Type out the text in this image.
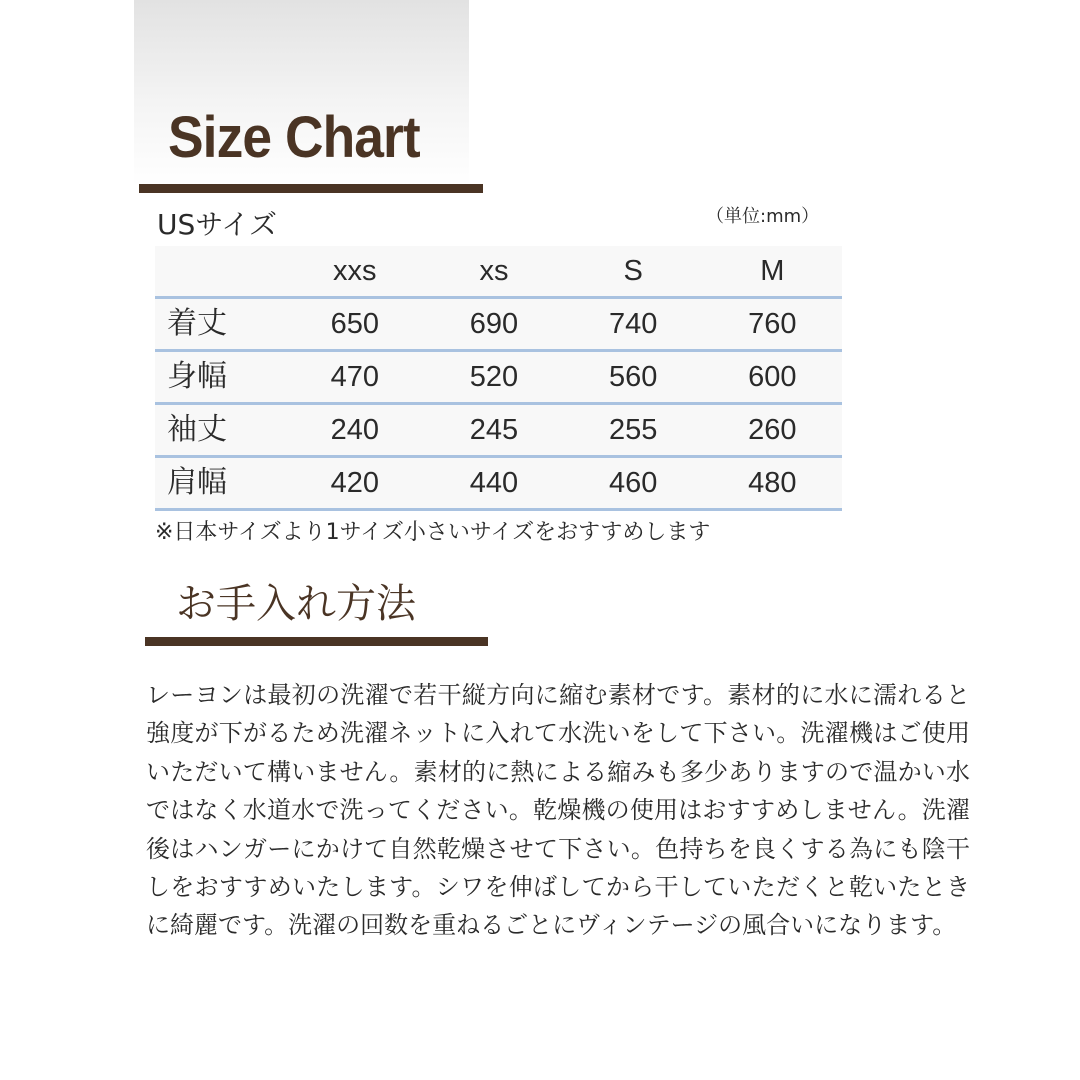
Size Chart
USサイズ	（単位:mm）
	xxs	xs	S	M
着丈	650	690	740	760
身幅	470	520	560	600
袖丈	240	245	255	260
肩幅	420	440	460	480
※日本サイズより1サイズ小さいサイズをおすすめします
お手入れ方法
レーヨンは最初の洗濯で若干縦方向に縮む素材です。素材的に水に濡れると強度が下がるため洗濯ネットに入れて水洗いをして下さい。洗濯機はご使用いただいて構いません。素材的に熱による縮みも多少ありますので温かい水ではなく水道水で洗ってください。乾燥機の使用はおすすめしません。洗濯後はハンガーにかけて自然乾燥させて下さい。色持ちを良くする為にも陰干しをおすすめいたします。シワを伸ばしてから干していただくと乾いたときに綺麗です。洗濯の回数を重ねるごとにヴィンテージの風合いになります。
